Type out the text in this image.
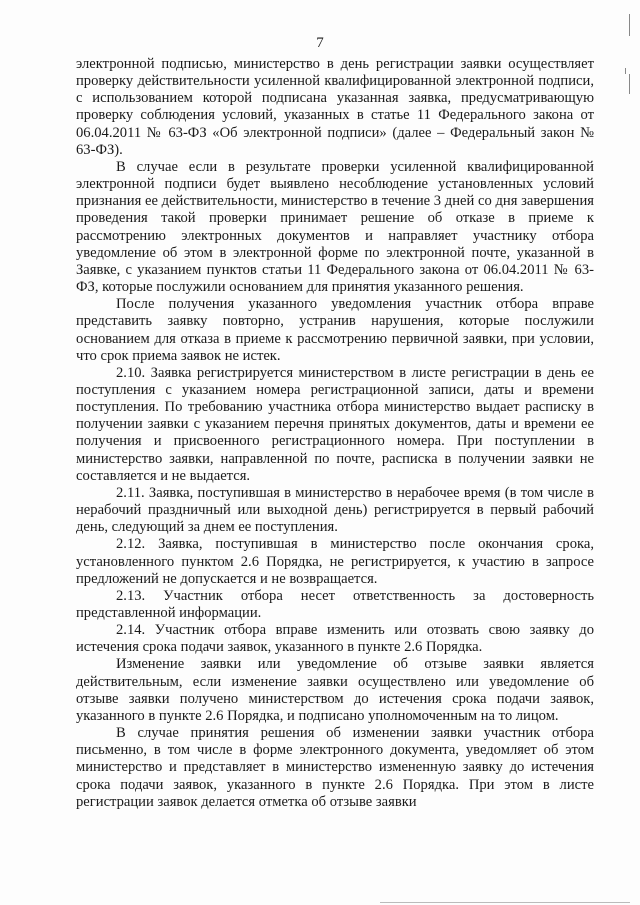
7

электронной подписью, министерство в день регистрации заявки осуществляет проверку действительности усиленной квалифицированной электронной подписи, с использованием которой подписана указанная заявка, предусматривающую проверку соблюдения условий, указанных в статье 11 Федерального закона от 06.04.2011 № 63-ФЗ «Об электронной подписи» (далее – Федеральный закон № 63-ФЗ).

В случае если в результате проверки усиленной квалифицированной электронной подписи будет выявлено несоблюдение установленных условий признания ее действительности, министерство в течение 3 дней со дня завершения проведения такой проверки принимает решение об отказе в приеме к рассмотрению электронных документов и направляет участнику отбора уведомление об этом в электронной форме по электронной почте, указанной в Заявке, с указанием пунктов статьи 11 Федерального закона от 06.04.2011 № 63-ФЗ, которые послужили основанием для принятия указанного решения.

После получения указанного уведомления участник отбора вправе представить заявку повторно, устранив нарушения, которые послужили основанием для отказа в приеме к рассмотрению первичной заявки, при условии, что срок приема заявок не истек.

2.10. Заявка регистрируется министерством в листе регистрации в день ее поступления с указанием номера регистрационной записи, даты и времени поступления. По требованию участника отбора министерство выдает расписку в получении заявки с указанием перечня принятых документов, даты и времени ее получения и присвоенного регистрационного номера. При поступлении в министерство заявки, направленной по почте, расписка в получении заявки не составляется и не выдается.

2.11. Заявка, поступившая в министерство в нерабочее время (в том числе в нерабочий праздничный или выходной день) регистрируется в первый рабочий день, следующий за днем ее поступления.

2.12. Заявка, поступившая в министерство после окончания срока, установленного пунктом 2.6 Порядка, не регистрируется, к участию в запросе предложений не допускается и не возвращается.

2.13. Участник отбора несет ответственность за достоверность представленной информации.

2.14. Участник отбора вправе изменить или отозвать свою заявку до истечения срока подачи заявок, указанного в пункте 2.6 Порядка.

Изменение заявки или уведомление об отзыве заявки является действительным, если изменение заявки осуществлено или уведомление об отзыве заявки получено министерством до истечения срока подачи заявок, указанного в пункте 2.6 Порядка, и подписано уполномоченным на то лицом.

В случае принятия решения об изменении заявки участник отбора письменно, в том числе в форме электронного документа, уведомляет об этом министерство и представляет в министерство измененную заявку до истечения срока подачи заявок, указанного в пункте 2.6 Порядка. При этом в листе регистрации заявок делается отметка об отзыве заявки
